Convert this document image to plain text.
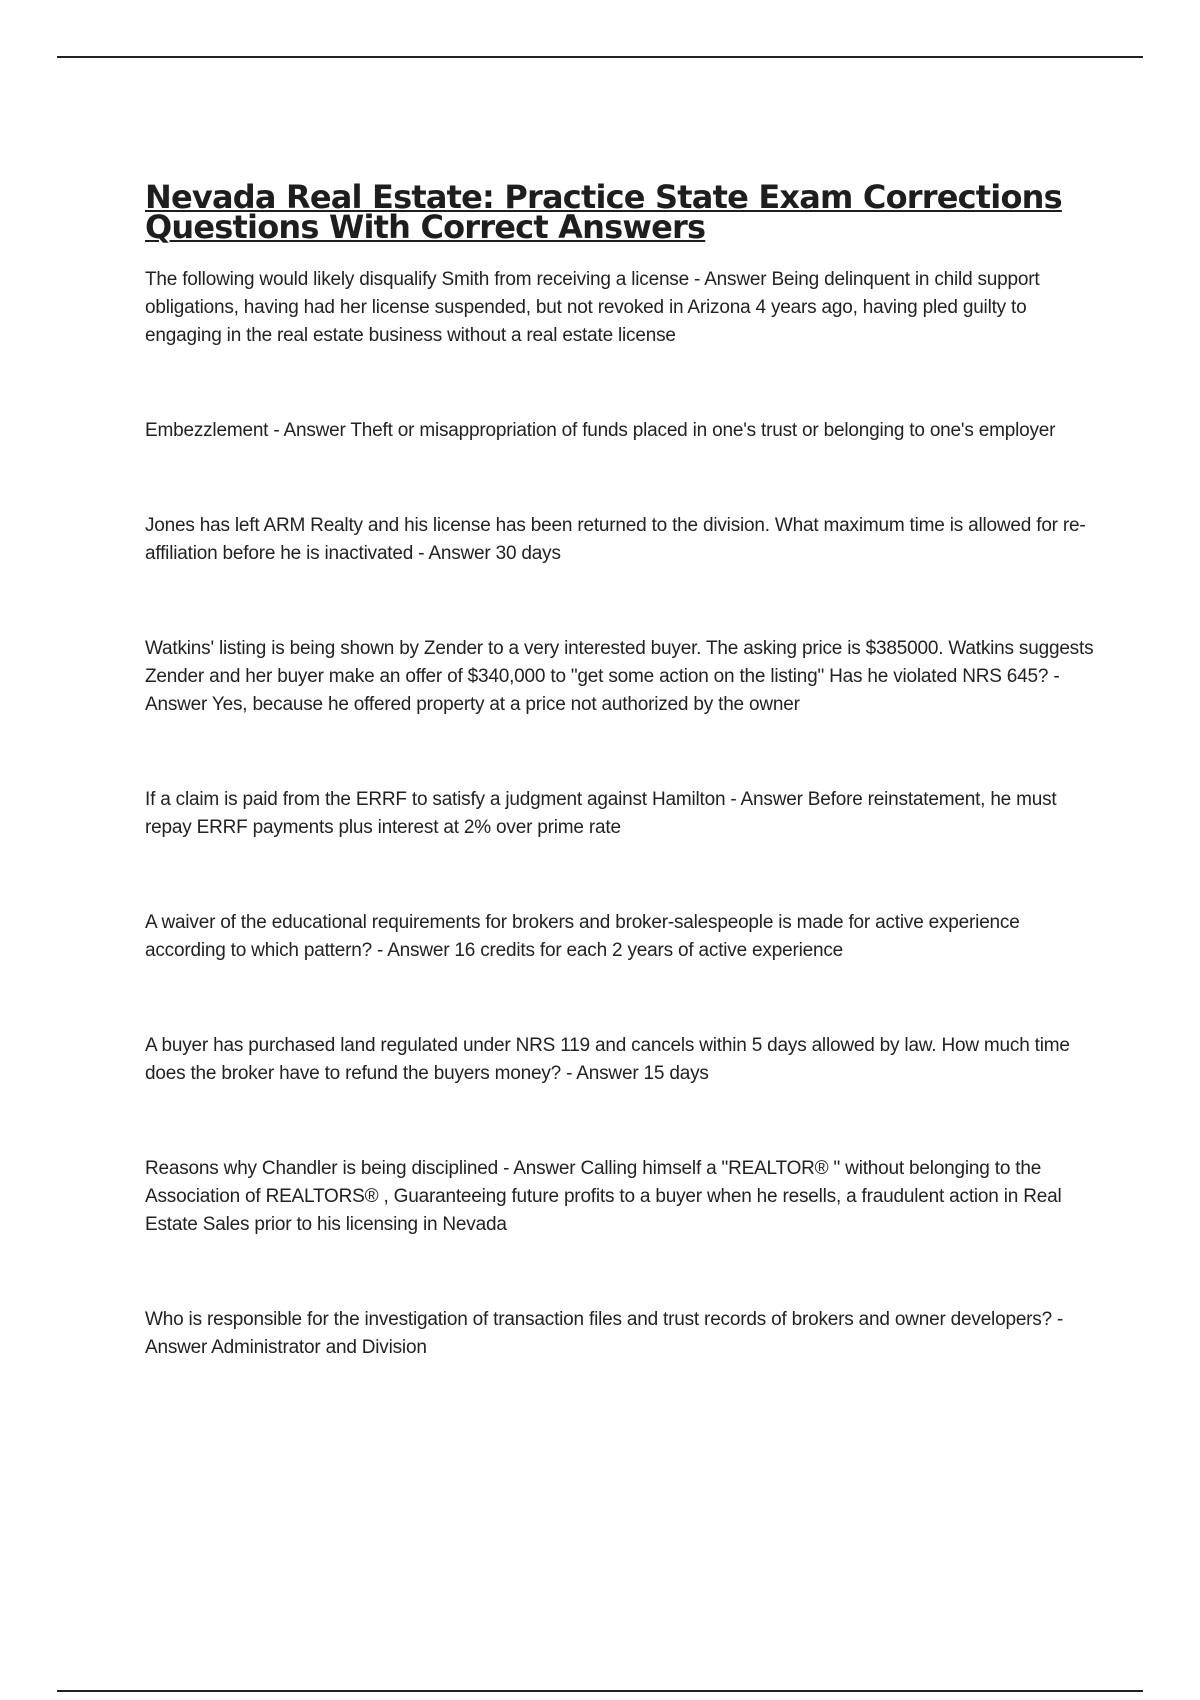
Nevada Real Estate: Practice State Exam Corrections
Questions With Correct Answers

The following would likely disqualify Smith from receiving a license - Answer Being delinquent in child support obligations, having had her license suspended, but not revoked in Arizona 4 years ago, having pled guilty to engaging in the real estate business without a real estate license

Embezzlement - Answer Theft or misappropriation of funds placed in one's trust or belonging to one's employer

Jones has left ARM Realty and his license has been returned to the division. What maximum time is allowed for re-affiliation before he is inactivated - Answer 30 days

Watkins' listing is being shown by Zender to a very interested buyer. The asking price is $385000. Watkins suggests Zender and her buyer make an offer of $340,000 to "get some action on the listing" Has he violated NRS 645? - Answer Yes, because he offered property at a price not authorized by the owner

If a claim is paid from the ERRF to satisfy a judgment against Hamilton - Answer Before reinstatement, he must repay ERRF payments plus interest at 2% over prime rate

A waiver of the educational requirements for brokers and broker-salespeople is made for active experience according to which pattern? - Answer 16 credits for each 2 years of active experience

A buyer has purchased land regulated under NRS 119 and cancels within 5 days allowed by law. How much time does the broker have to refund the buyers money? - Answer 15 days

Reasons why Chandler is being disciplined - Answer Calling himself a "REALTOR® " without belonging to the Association of REALTORS® , Guaranteeing future profits to a buyer when he resells, a fraudulent action in Real Estate Sales prior to his licensing in Nevada

Who is responsible for the investigation of transaction files and trust records of brokers and owner developers? - Answer Administrator and Division
